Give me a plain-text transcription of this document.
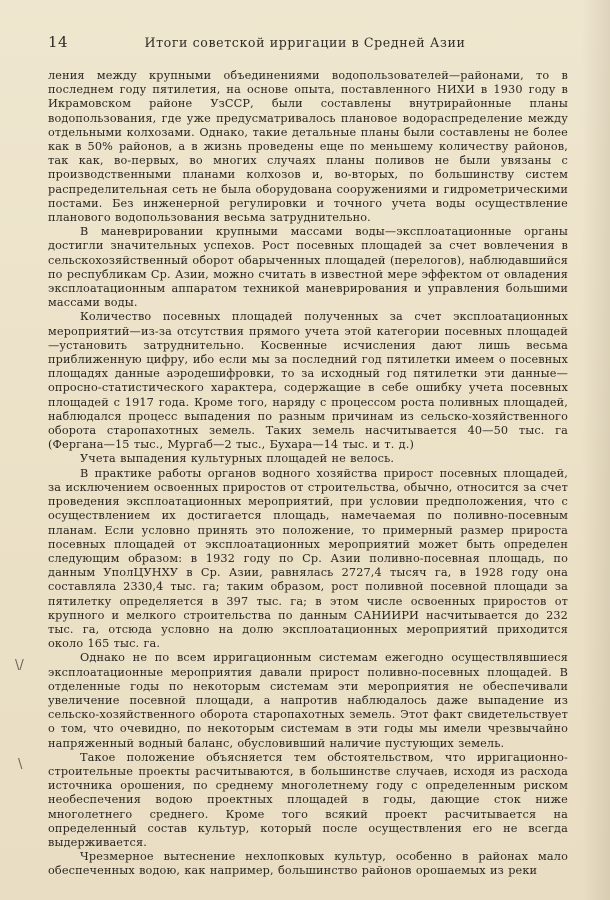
14	Итоги советской ирригации в Средней Азии
\/
\

ления между крупными объединениями водопользователей—районами, то в последнем году пятилетия, на основе опыта, поставленного НИХИ в 1930 году в Икрамовском районе УзССР, были составлены внутрирайонные планы водопользования, где уже предусматривалось плановое водораспределение между отдельными колхозами. Однако, такие детальные планы были составлены не более как в 50% районов, а в жизнь проведены еще по меньшему количеству районов, так как, во-первых, во многих случаях планы поливов не были увязаны с производственными планами колхозов и, во-вторых, по большинству систем распределительная сеть не была оборудована сооружениями и гидрометрическими постами. Без инженерной регулировки и точного учета воды осуществление планового водопользования весьма затруднительно.

В маневрировании крупными массами воды—эксплоатационные органы достигли значительных успехов. Рост посевных площадей за счет вовлечения в сельскохозяйственный оборот обарыченных площадей (перелогов), наблюдавшийся по республикам Ср. Азии, можно считать в известной мере эффектом от овладения эксплоатационным аппаратом техникой маневрирования и управления большими массами воды.

Количество посевных площадей полученных за счет эксплоатационных мероприятий—из-за отсутствия прямого учета этой категории посевных площадей—установить затруднительно. Косвенные исчисления дают лишь весьма приближенную цифру, ибо если мы за последний год пятилетки имеем о посевных площадях данные аэродешифровки, то за исходный год пятилетки эти данные—опросно-статистического характера, содержащие в себе ошибку учета посевных площадей с 1917 года. Кроме того, наряду с процессом роста поливных площадей, наблюдался процесс выпадения по разным причинам из сельско-хозяйственного оборота старопахотных земель. Таких земель насчитывается 40—50 тыс. га (Фергана—15 тыс., Мургаб—2 тыс., Бухара—14 тыс. и т. д.)

Учета выпадения культурных площадей не велось.

В практике работы органов водного хозяйства прирост посевных площадей, за исключением освоенных приростов от строительства, обычно, относится за счет проведения эксплоатационных мероприятий, при условии предположения, что с осуществлением их достигается площадь, намечаемая по поливно-посевным планам. Если условно принять это положение, то примерный размер прироста посевных площадей от эксплоатационных мероприятий может быть определен следующим образом: в 1932 году по Ср. Азии поливно-посевная площадь, по данным УполЦУНХУ в Ср. Азии, равнялась 2727,4 тысяч га, в 1928 году она составляла 2330,4 тыс. га; таким образом, рост поливной посевной площади за пятилетку определяется в 397 тыс. га; в этом числе освоенных приростов от крупного и мелкого строительства по данным САНИИРИ насчитывается до 232 тыс. га, отсюда условно на долю эксплоатационных мероприятий приходится около 165 тыс. га.

Однако не по всем ирригационным системам ежегодно осуществлявшиеся эксплоатационные мероприятия давали прирост поливно-посевных площадей. В отделенные годы по некоторым системам эти мероприятия не обеспечивали увеличение посевной площади, а напротив наблюдалось даже выпадение из сельско-хозяйственного оборота старопахотных земель. Этот факт свидетельствует о том, что очевидно, по некоторым системам в эти годы мы имели чрезвычайно напряженный водный баланс, обусловивший наличие пустующих земель.

Такое положение объясняется тем обстоятельством, что ирригационно-строительные проекты расчитываются, в большинстве случаев, исходя из расхода источника орошения, по среднему многолетнему году с определенным риском необеспечения водою проектных площадей в годы, дающие сток ниже многолетнего среднего. Кроме того всякий проект расчитывается на определенный состав культур, который после осуществления его не всегда выдерживается.

Чрезмерное вытеснение нехлопковых культур, особенно в районах мало обеспеченных водою, как например, большинство районов орошаемых из реки
